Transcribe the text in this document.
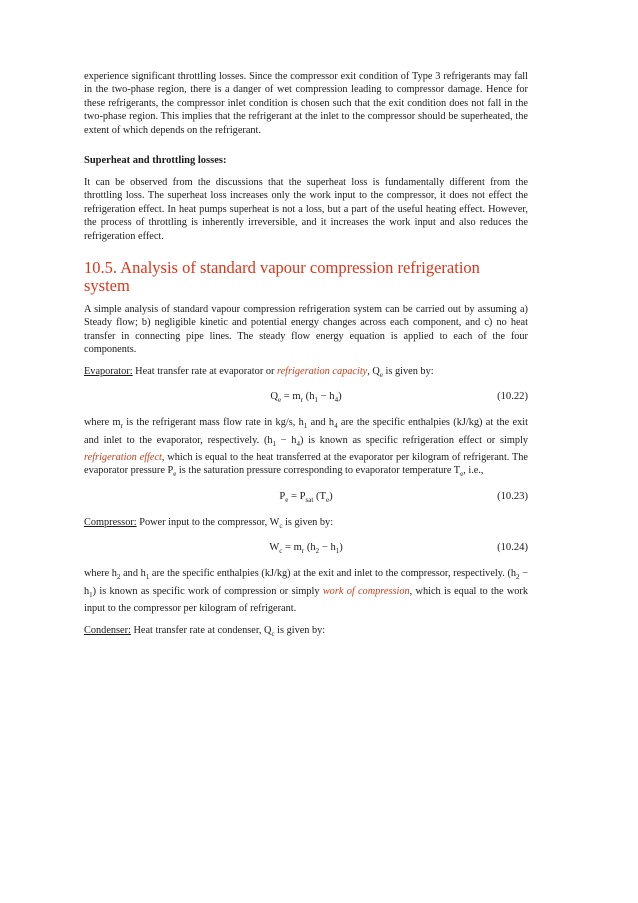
experience significant throttling losses. Since the compressor exit condition of Type 3 refrigerants may fall in the two-phase region, there is a danger of wet compression leading to compressor damage. Hence for these refrigerants, the compressor inlet condition is chosen such that the exit condition does not fall in the two-phase region. This implies that the refrigerant at the inlet to the compressor should be superheated, the extent of which depends on the refrigerant.

Superheat and throttling losses:

It can be observed from the discussions that the superheat loss is fundamentally different from the throttling loss. The superheat loss increases only the work input to the compressor, it does not effect the refrigeration effect. In heat pumps superheat is not a loss, but a part of the useful heating effect. However, the process of throttling is inherently irreversible, and it increases the work input and also reduces the refrigeration effect.

10.5. Analysis of standard vapour compression refrigeration system

A simple analysis of standard vapour compression refrigeration system can be carried out by assuming a) Steady flow; b) negligible kinetic and potential energy changes across each component, and c) no heat transfer in connecting pipe lines. The steady flow energy equation is applied to each of the four components.

Evaporator: Heat transfer rate at evaporator or refrigeration capacity, $Q_e$ is given by:

$Q_e = m_r$ $(h_1 - h_4)$	(10.22)

where $m_r$ is the refrigerant mass flow rate in kg/s, $h_1$ and $h_4$ are the specific enthalpies (kJ/kg) at the exit and inlet to the evaporator, respectively. $(h_1 - h_4)$ is known as specific refrigeration effect or simply refrigeration effect, which is equal to the heat transferred at the evaporator per kilogram of refrigerant. The evaporator pressure $P_e$ is the saturation pressure corresponding to evaporator temperature $T_e$, i.e.,

$P_e = P_{sat}$ $(T_e)$	(10.23)

Compressor: Power input to the compressor, $W_c$ is given by:

$W_c = m_r$ $(h_2 - h_1)$	(10.24)

where $h_2$ and $h_1$ are the specific enthalpies (kJ/kg) at the exit and inlet to the compressor, respectively. $(h_2 - h_1)$ is known as specific work of compression or simply work of compression, which is equal to the work input to the compressor per kilogram of refrigerant.

Condenser: Heat transfer rate at condenser, $Q_c$ is given by:
